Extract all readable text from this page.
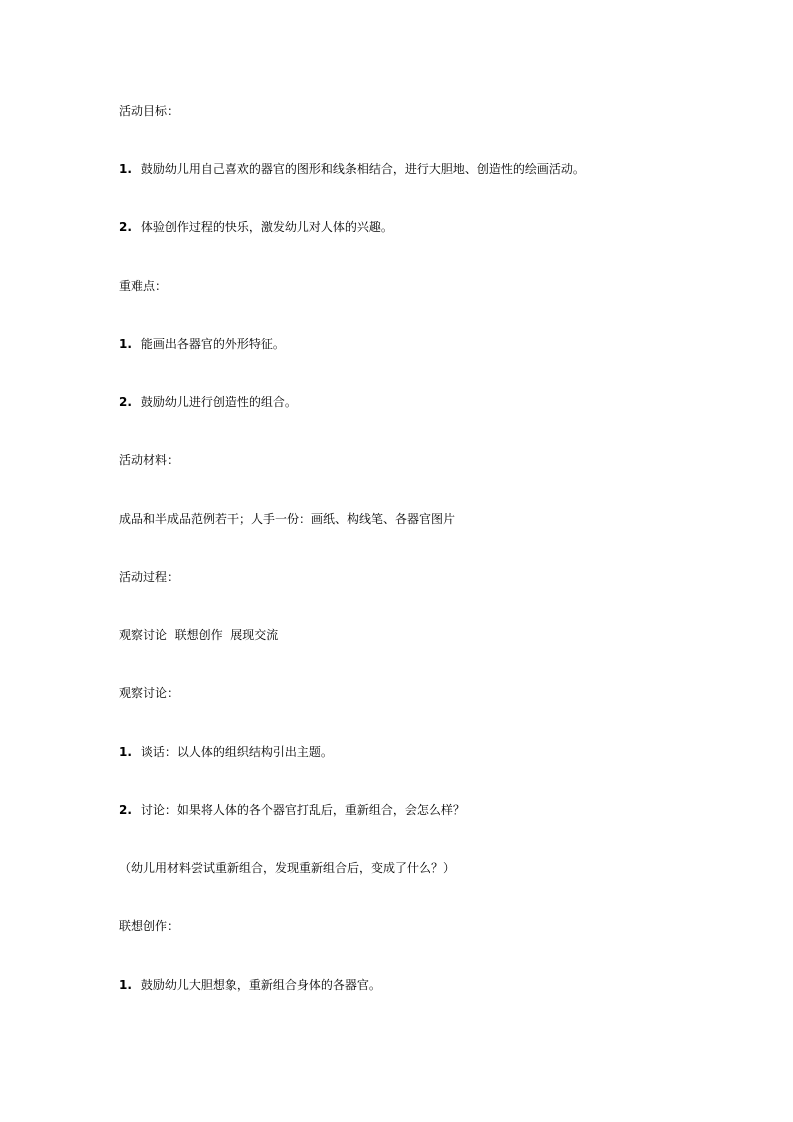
活动目标：
1. 鼓励幼儿用自己喜欢的器官的图形和线条相结合，进行大胆地、创造性的绘画活动。
2. 体验创作过程的快乐，激发幼儿对人体的兴趣。
重难点：
1. 能画出各器官的外形特征。
2. 鼓励幼儿进行创造性的组合。
活动材料：
成品和半成品范例若干；人手一份：画纸、构线笔、各器官图片
活动过程：
观察讨论  联想创作  展现交流
观察讨论：
1. 谈话：以人体的组织结构引出主题。
2. 讨论：如果将人体的各个器官打乱后，重新组合，会怎么样？
（幼儿用材料尝试重新组合，发现重新组合后，变成了什么？）
联想创作：
1. 鼓励幼儿大胆想象，重新组合身体的各器官。
